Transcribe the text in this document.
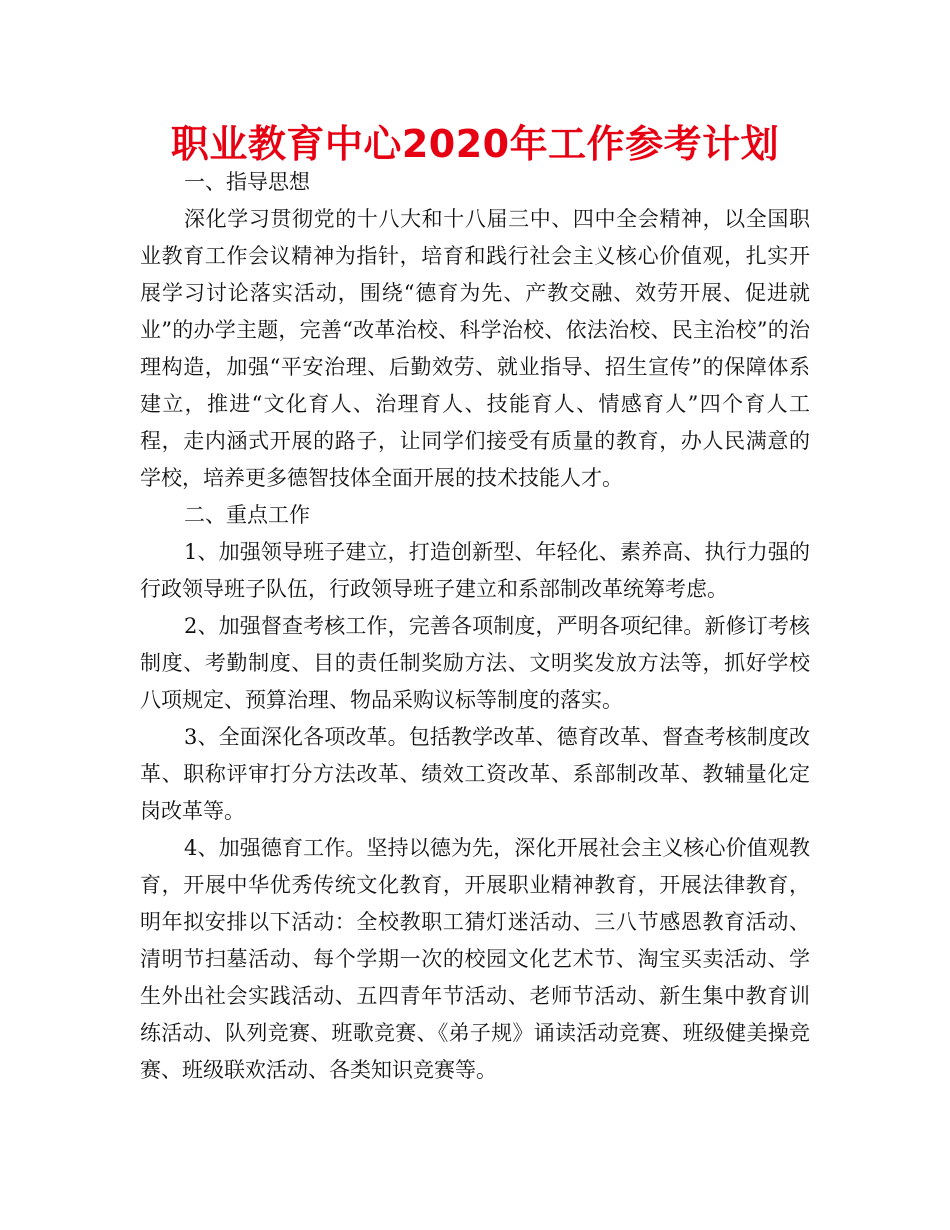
职业教育中心2020年工作参考计划

一、指导思想

深化学习贯彻党的十八大和十八届三中、四中全会精神，以全国职业教育工作会议精神为指针，培育和践行社会主义核心价值观，扎实开展学习讨论落实活动，围绕“德育为先、产教交融、效劳开展、促进就业”的办学主题，完善“改革治校、科学治校、依法治校、民主治校”的治理构造，加强“平安治理、后勤效劳、就业指导、招生宣传”的保障体系建立，推进“文化育人、治理育人、技能育人、情感育人”四个育人工程，走内涵式开展的路子，让同学们接受有质量的教育，办人民满意的学校，培养更多德智技体全面开展的技术技能人才。

二、重点工作

1、加强领导班子建立，打造创新型、年轻化、素养高、执行力强的行政领导班子队伍，行政领导班子建立和系部制改革统筹考虑。

2、加强督查考核工作，完善各项制度，严明各项纪律。新修订考核制度、考勤制度、目的责任制奖励方法、文明奖发放方法等，抓好学校八项规定、预算治理、物品采购议标等制度的落实。

3、全面深化各项改革。包括教学改革、德育改革、督查考核制度改革、职称评审打分方法改革、绩效工资改革、系部制改革、教辅量化定岗改革等。

4、加强德育工作。坚持以德为先，深化开展社会主义核心价值观教育，开展中华优秀传统文化教育，开展职业精神教育，开展法律教育，明年拟安排以下活动：全校教职工猜灯迷活动、三八节感恩教育活动、清明节扫墓活动、每个学期一次的校园文化艺术节、淘宝买卖活动、学生外出社会实践活动、五四青年节活动、老师节活动、新生集中教育训练活动、队列竞赛、班歌竞赛、《弟子规》诵读活动竞赛、班级健美操竞赛、班级联欢活动、各类知识竞赛等。
